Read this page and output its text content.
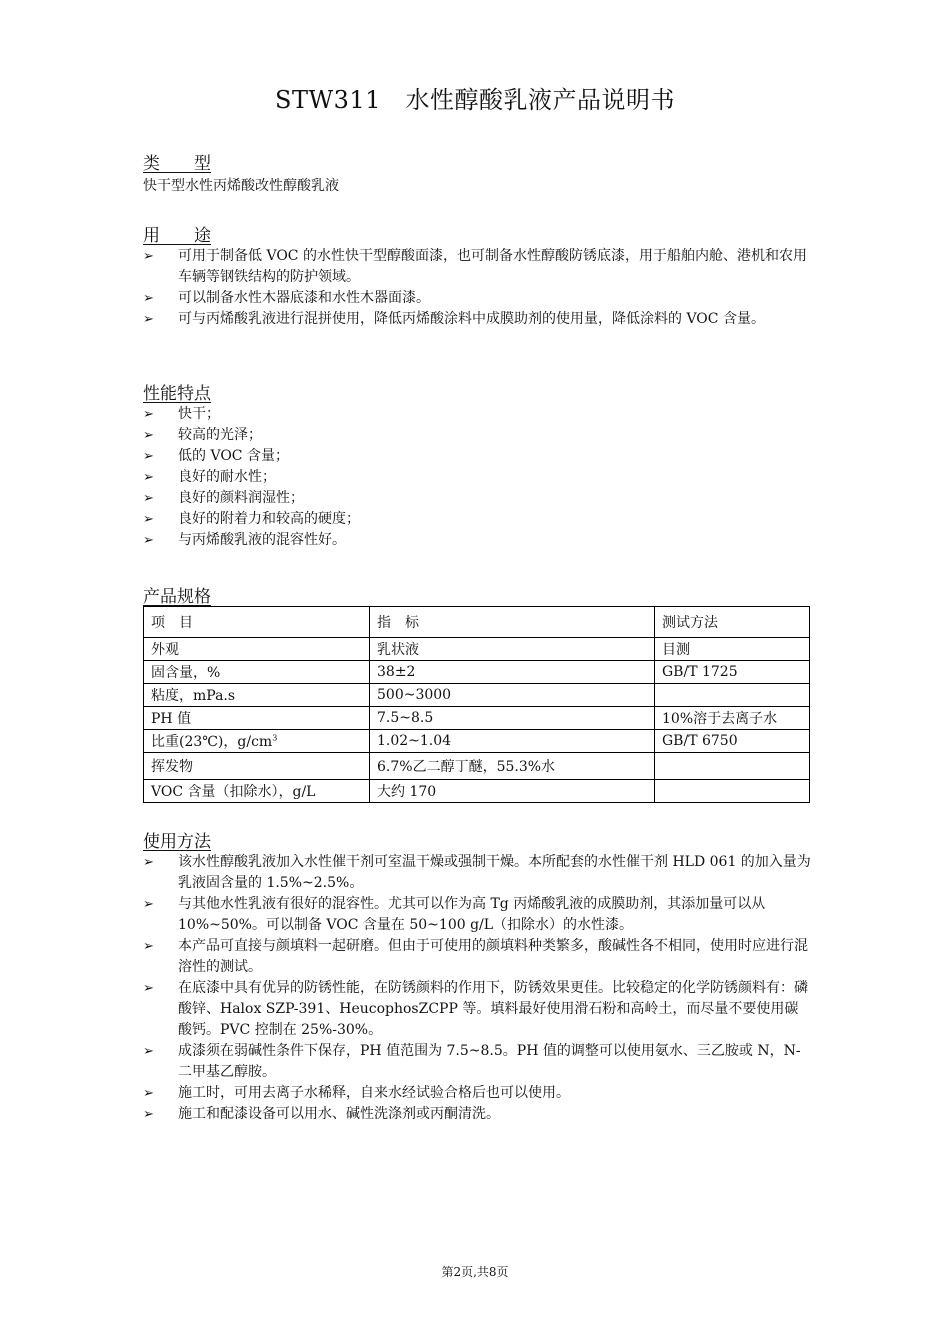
STW311　水性醇酸乳液产品说明书
类　　型
快干型水性丙烯酸改性醇酸乳液
用　　途
➢ 可用于制备低 VOC 的水性快干型醇酸面漆，也可制备水性醇酸防锈底漆，用于船舶内舱、港机和农用车辆等钢铁结构的防护领域。
➢ 可以制备水性木器底漆和水性木器面漆。
➢ 可与丙烯酸乳液进行混拼使用，降低丙烯酸涂料中成膜助剂的使用量，降低涂料的 VOC 含量。
性能特点
➢ 快干；
➢ 较高的光泽；
➢ 低的 VOC 含量；
➢ 良好的耐水性；
➢ 良好的颜料润湿性；
➢ 良好的附着力和较高的硬度；
➢ 与丙烯酸乳液的混容性好。
产品规格
项　目	指　标	测试方法
外观	乳状液	目测
固含量，%	38±2	GB/T 1725
粘度，mPa.s	500~3000	
PH 值	7.5~8.5	10%溶于去离子水
比重(23℃)，$g/cm^3$	1.02~1.04	GB/T 6750
挥发物	6.7%乙二醇丁醚，55.3%水	
VOC 含量（扣除水），g/L	大约 170	
使用方法
➢ 该水性醇酸乳液加入水性催干剂可室温干燥或强制干燥。本所配套的水性催干剂 HLD 061 的加入量为乳液固含量的 1.5%~2.5%。
➢ 与其他水性乳液有很好的混容性。尤其可以作为高 Tg 丙烯酸乳液的成膜助剂，其添加量可以从 10%~50%。可以制备 VOC 含量在 50~100 g/L（扣除水）的水性漆。
➢ 本产品可直接与颜填料一起研磨。但由于可使用的颜填料种类繁多，酸碱性各不相同，使用时应进行混溶性的测试。
➢ 在底漆中具有优异的防锈性能，在防锈颜料的作用下，防锈效果更佳。比较稳定的化学防锈颜料有：磷酸锌、Halox SZP-391、HeucophosZCPP 等。填料最好使用滑石粉和高岭土，而尽量不要使用碳酸钙。PVC 控制在 25%-30%。
➢ 成漆须在弱碱性条件下保存，PH 值范围为 7.5~8.5。PH 值的调整可以使用氨水、三乙胺或 N，N-二甲基乙醇胺。
➢ 施工时，可用去离子水稀释，自来水经试验合格后也可以使用。
➢ 施工和配漆设备可以用水、碱性洗涤剂或丙酮清洗。
第2页,共8页
